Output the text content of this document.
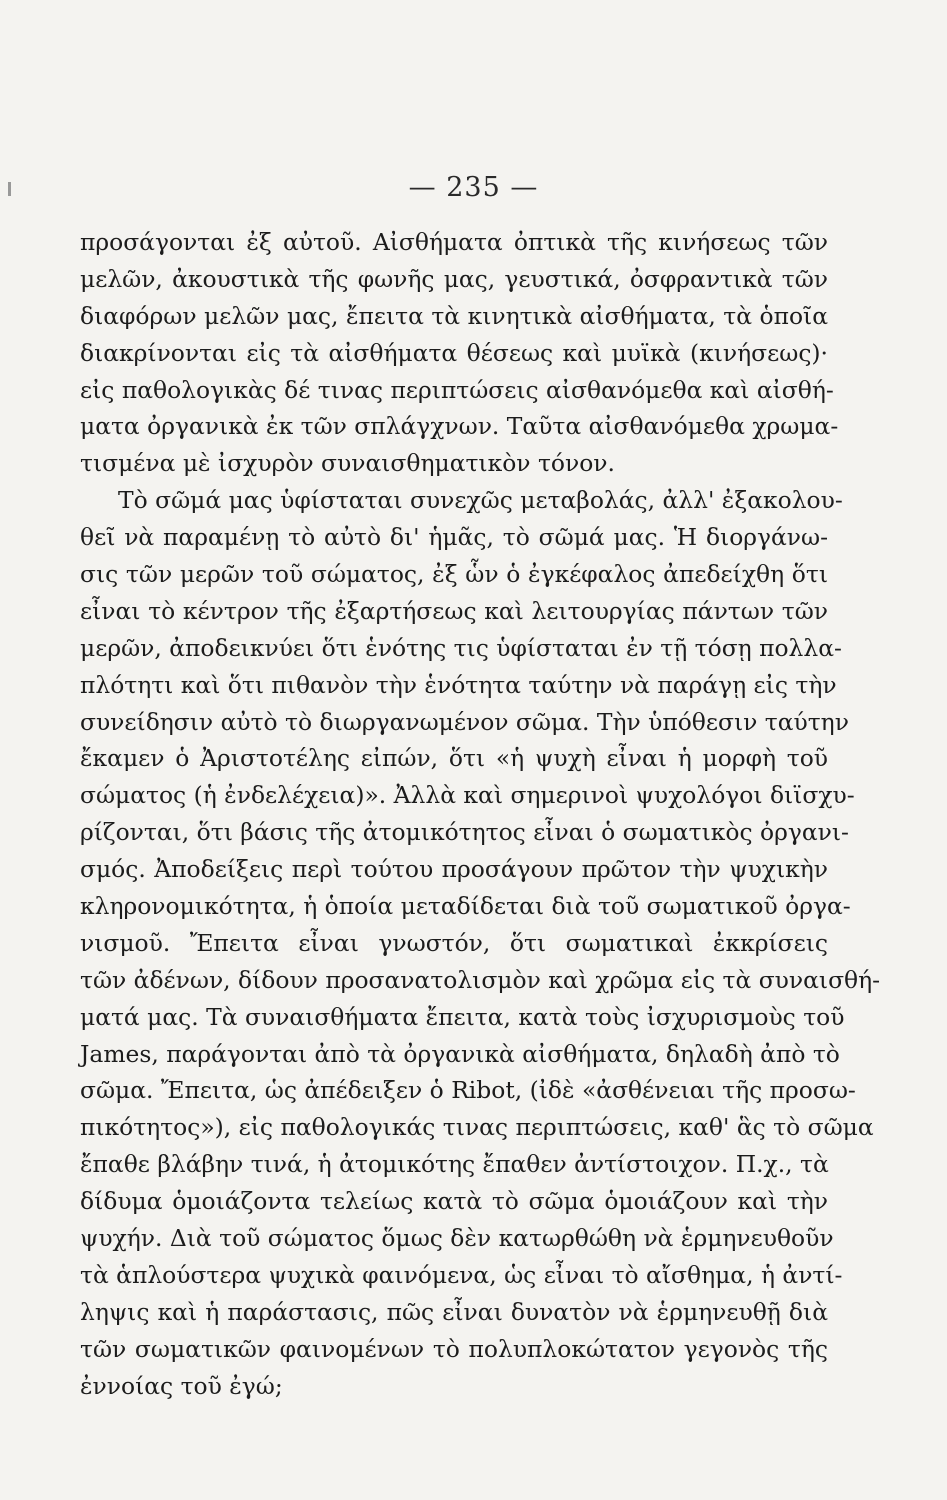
— 235 —
προσάγονται ἐξ αὐτοῦ. Αἰσθήματα ὀπτικὰ τῆς κινήσεως τῶν
μελῶν, ἀκουστικὰ τῆς φωνῆς μας, γευστικά, ὀσφραντικὰ τῶν
διαφόρων μελῶν μας, ἔπειτα τὰ κινητικὰ αἰσθήματα, τὰ ὁποῖα
διακρίνονται εἰς τὰ αἰσθήματα θέσεως καὶ μυϊκὰ (κινήσεως)·
εἰς παθολογικὰς δέ τινας περιπτώσεις αἰσθανόμεθα καὶ αἰσθή-
ματα ὀργανικὰ ἐκ τῶν σπλάγχνων. Ταῦτα αἰσθανόμεθα χρωμα-
τισμένα μὲ ἰσχυρὸν συναισθηματικὸν τόνον.
Τὸ σῶμά μας ὑφίσταται συνεχῶς μεταβολάς, ἀλλ' ἐξακολου-
θεῖ νὰ παραμένῃ τὸ αὐτὸ δι' ἡμᾶς, τὸ σῶμά μας. Ἡ διοργάνω-
σις τῶν μερῶν τοῦ σώματος, ἐξ ὧν ὁ ἐγκέφαλος ἀπεδείχθη ὅτι
εἶναι τὸ κέντρον τῆς ἐξαρτήσεως καὶ λειτουργίας πάντων τῶν
μερῶν, ἀποδεικνύει ὅτι ἑνότης τις ὑφίσταται ἐν τῇ τόσῃ πολλα-
πλότητι καὶ ὅτι πιθανὸν τὴν ἑνότητα ταύτην νὰ παράγῃ εἰς τὴν
συνείδησιν αὐτὸ τὸ διωργανωμένον σῶμα. Τὴν ὑπόθεσιν ταύτην
ἔκαμεν ὁ Ἀριστοτέλης εἰπών, ὅτι «ἡ ψυχὴ εἶναι ἡ μορφὴ τοῦ
σώματος (ἡ ἐνδελέχεια)». Ἀλλὰ καὶ σημερινοὶ ψυχολόγοι διϊσχυ-
ρίζονται, ὅτι βάσις τῆς ἀτομικότητος εἶναι ὁ σωματικὸς ὀργανι-
σμός. Ἀποδείξεις περὶ τούτου προσάγουν πρῶτον τὴν ψυχικὴν
κληρονομικότητα, ἡ ὁποία μεταδίδεται διὰ τοῦ σωματικοῦ ὀργα-
νισμοῦ. Ἔπειτα εἶναι γνωστόν, ὅτι σωματικαὶ ἐκκρίσεις
τῶν ἀδένων, δίδουν προσανατολισμὸν καὶ χρῶμα εἰς τὰ συναισθή-
ματά μας. Τὰ συναισθήματα ἔπειτα, κατὰ τοὺς ἰσχυρισμοὺς τοῦ
James, παράγονται ἀπὸ τὰ ὀργανικὰ αἰσθήματα, δηλαδὴ ἀπὸ τὸ
σῶμα. Ἔπειτα, ὡς ἀπέδειξεν ὁ Ribot, (ἰδὲ «ἀσθένειαι τῆς προσω-
πικότητος»), εἰς παθολογικάς τινας περιπτώσεις, καθ' ἃς τὸ σῶμα
ἔπαθε βλάβην τινά, ἡ ἀτομικότης ἔπαθεν ἀντίστοιχον. Π.χ., τὰ
δίδυμα ὁμοιάζοντα τελείως κατὰ τὸ σῶμα ὁμοιάζουν καὶ τὴν
ψυχήν. Διὰ τοῦ σώματος ὅμως δὲν κατωρθώθη νὰ ἑρμηνευθοῦν
τὰ ἁπλούστερα ψυχικὰ φαινόμενα, ὡς εἶναι τὸ αἴσθημα, ἡ ἀντί-
ληψις καὶ ἡ παράστασις, πῶς εἶναι δυνατὸν νὰ ἑρμηνευθῇ διὰ
τῶν σωματικῶν φαινομένων τὸ πολυπλοκώτατον γεγονὸς τῆς
ἐννοίας τοῦ ἐγώ;
